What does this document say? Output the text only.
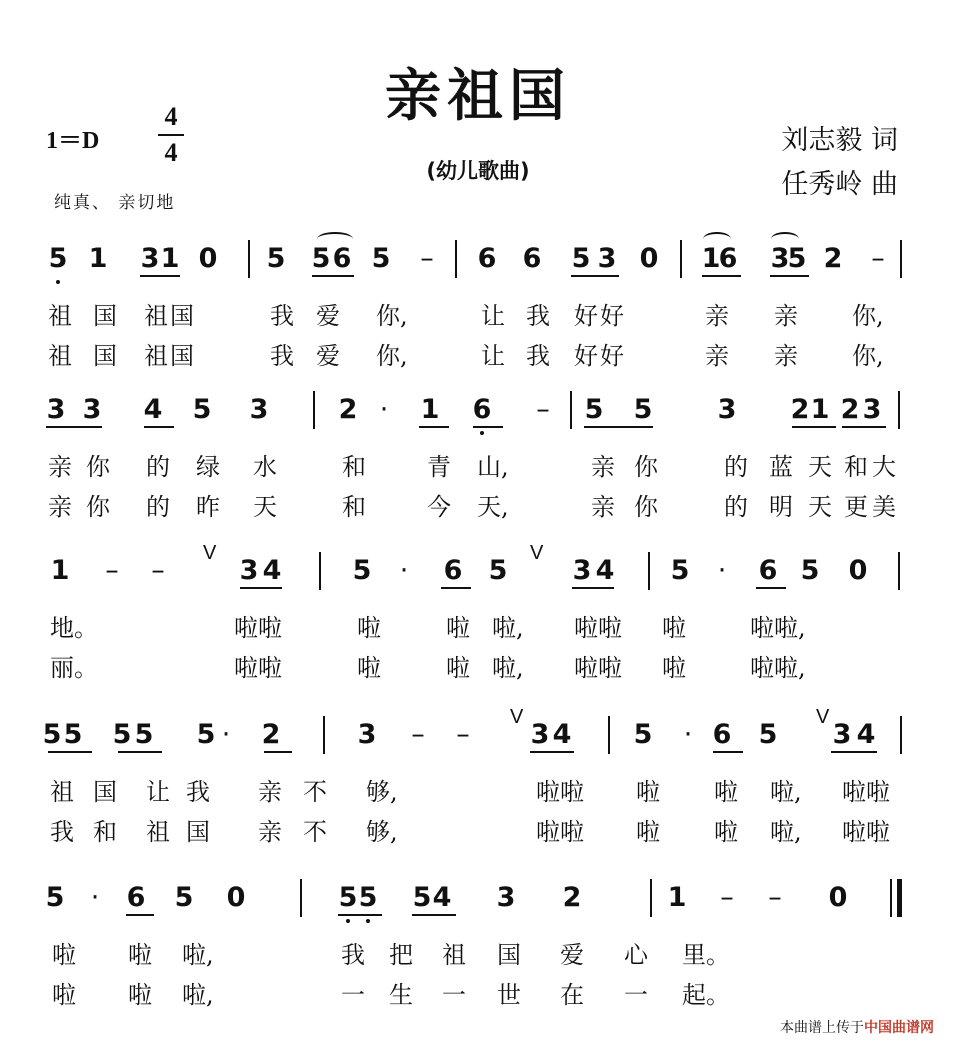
亲祖国
1＝D
4
4
(幼儿歌曲)
刘志毅 词
任秀岭 曲
纯真、 亲切地
5 1 3 1 0 5 5 6 5	–	6 6 5 3 0 1
6 3
5 2	–
祖 国	祖 国	我 爱	你,	让 我	好 好	亲	亲	你,
祖 国	祖 国	我 爱	你,	让 我	好 好	亲	亲	你,
3 3 4 5 3	2 ·	1 6	–	5 5 3 2 1 2 3
亲 你	的	绿	水	和	青	山,	亲 你	的 蓝 天 和 大
亲 你	的	昨	天	和	今	天,	亲 你	的 明 天 更 美
1	–	–
V
3 4	5	·	6 5
V
3 4 5	·	6 5 0
地。	啦啦	啦	啦 啦,	啦啦	啦	啦啦,
丽。	啦啦	啦	啦 啦,	啦啦	啦	啦啦,
5 5 5 5 5 ·	2	3	–	–
V
3 4 5	· 6 5
V
3 4
祖 国	让 我	亲 不	够,	啦啦	啦	啦	啦,	啦啦
我 和	祖 国	亲 不	够,	啦啦	啦	啦	啦,	啦啦
5 ·	6 5 0	5 5 5 4 3 2	1	–	–	0
啦	啦	啦,	我	把	祖	国	爱	心	里。
啦	啦	啦,	一	生	一	世	在	一	起。
本曲谱上传于中国曲谱网
